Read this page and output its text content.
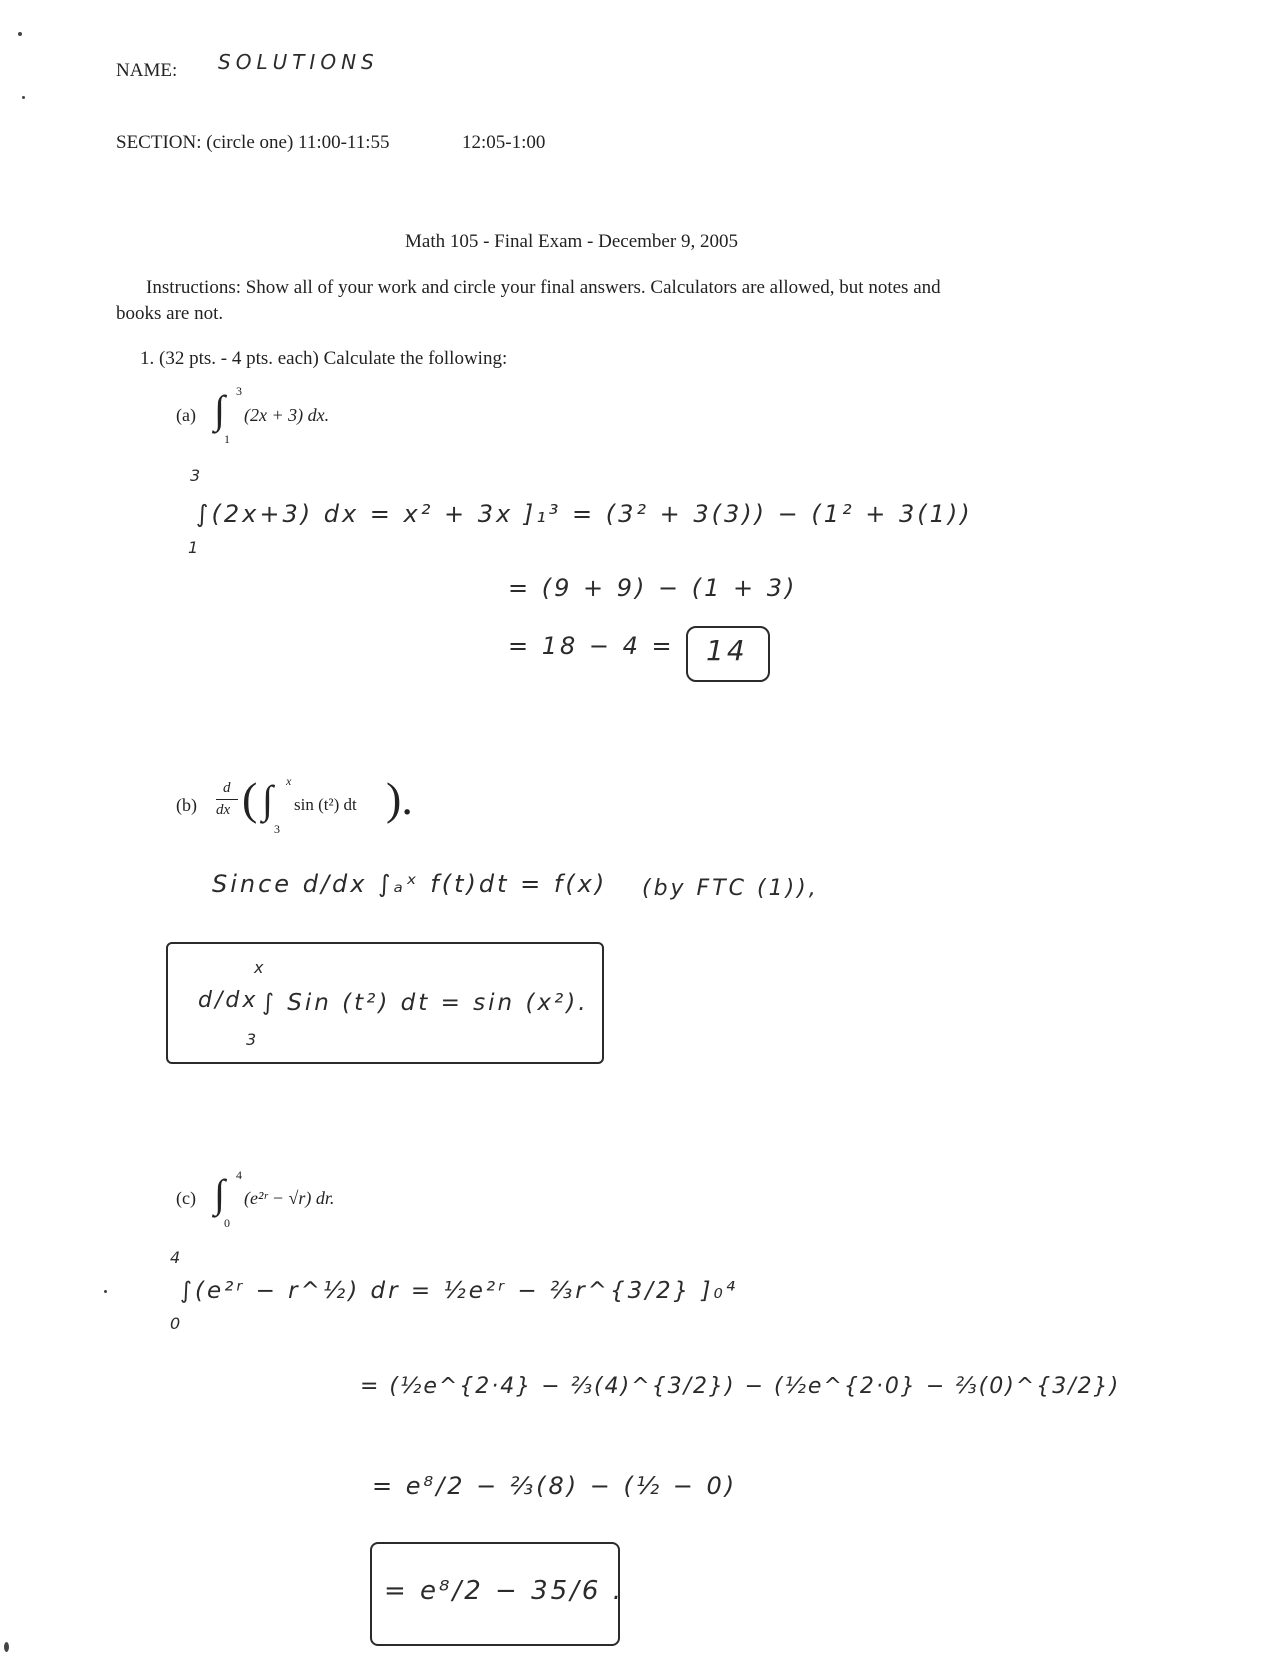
NAME: SOLUTIONS
SECTION: (circle one) 11:00-11:55	12:05-1:00
Math 105 - Final Exam - December 9, 2005
Instructions: Show all of your work and circle your final answers. Calculators are allowed, but notes and
books are not.
1. (32 pts. - 4 pts. each) Calculate the following:
(a) ∫ 3
1
(2x + 3) dx.
3
1
∫(2x+3) dx = x² + 3x ]₁³ = (3² + 3(3)) − (1² + 3(1))
= (9 + 9) − (1 + 3)
= 18 − 4 = 14
(b)
d
dx ( ∫ x
3
sin (t²) dt ).
Since d/dx ∫ₐˣ f(t)dt = f(x) (by FTC (1)),
d/dx
x
3
∫ Sin (t²) dt = sin (x²).
(c) ∫ 4
0
(e²ʳ − √r) dr.
4
0
∫(e²ʳ − r^½) dr = ½e²ʳ − ⅔r^{3/2} ]₀⁴
= (½e^{2·4} − ⅔(4)^{3/2}) − (½e^{2·0} − ⅔(0)^{3/2})
= e⁸/2 − ⅔(8) − (½ − 0)
= e⁸/2 − 35/6 .
